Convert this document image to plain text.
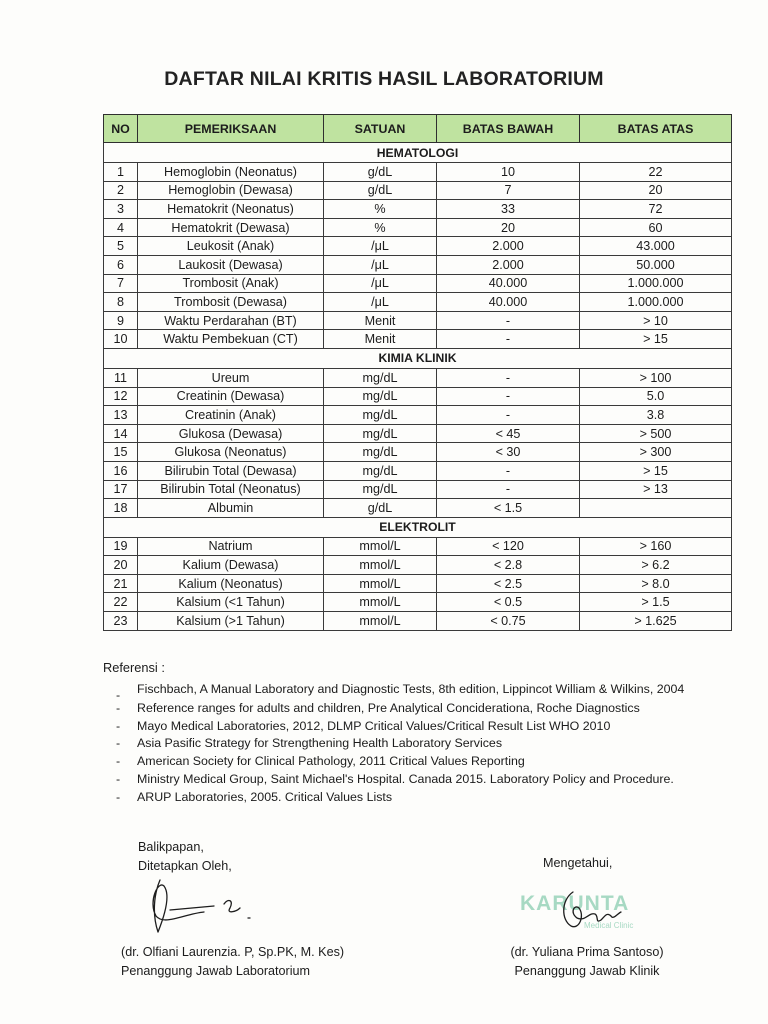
DAFTAR NILAI KRITIS HASIL LABORATORIUM
NO	PEMERIKSAAN	SATUAN	BATAS BAWAH	BATAS ATAS
HEMATOLOGI				
1	Hemoglobin (Neonatus)	g/dL	10	22
2	Hemoglobin (Dewasa)	g/dL	7	20
3	Hematokrit (Neonatus)	%	33	72
4	Hematokrit (Dewasa)	%	20	60
5	Leukosit (Anak)	/μL	2.000	43.000
6	Laukosit (Dewasa)	/μL	2.000	50.000
7	Trombosit (Anak)	/μL	40.000	1.000.000
8	Trombosit (Dewasa)	/μL	40.000	1.000.000
9	Waktu Perdarahan (BT)	Menit	-	> 10
10	Waktu Pembekuan (CT)	Menit	-	> 15
KIMIA KLINIK				
11	Ureum	mg/dL	-	> 100
12	Creatinin (Dewasa)	mg/dL	-	5.0
13	Creatinin (Anak)	mg/dL	-	3.8
14	Glukosa (Dewasa)	mg/dL	< 45	> 500
15	Glukosa (Neonatus)	mg/dL	< 30	> 300
16	Bilirubin Total (Dewasa)	mg/dL	-	> 15
17	Bilirubin Total (Neonatus)	mg/dL	-	> 13
18	Albumin	g/dL	< 1.5	
ELEKTROLIT				
19	Natrium	mmol/L	< 120	> 160
20	Kalium (Dewasa)	mmol/L	< 2.8	> 6.2
21	Kalium (Neonatus)	mmol/L	< 2.5	> 8.0
22	Kalsium (<1 Tahun)	mmol/L	< 0.5	> 1.5
23	Kalsium (>1 Tahun)	mmol/L	< 0.75	> 1.625
Referensi :
- Fischbach, A Manual Laboratory and Diagnostic Tests, 8th edition, Lippincot William & Wilkins, 2004
- Reference ranges for adults and children, Pre Analytical Conciderationa, Roche Diagnostics
- Mayo Medical Laboratories, 2012, DLMP Critical Values/Critical Result List WHO 2010
- Asia Pasific Strategy for Strengthening Health Laboratory Services
- American Society for Clinical Pathology, 2011 Critical Values Reporting
- Ministry Medical Group, Saint Michael's Hospital. Canada 2015. Laboratory Policy and Procedure.
- ARUP Laboratories, 2005. Critical Values Lists
Balikpapan,
Ditetapkan Oleh,	Mengetahui,
KARUNTA
Medical Clinic
(dr. Olfiani Laurenzia. P, Sp.PK, M. Kes)
Penanggung Jawab Laboratorium
(dr. Yuliana Prima Santoso)
Penanggung Jawab Klinik
